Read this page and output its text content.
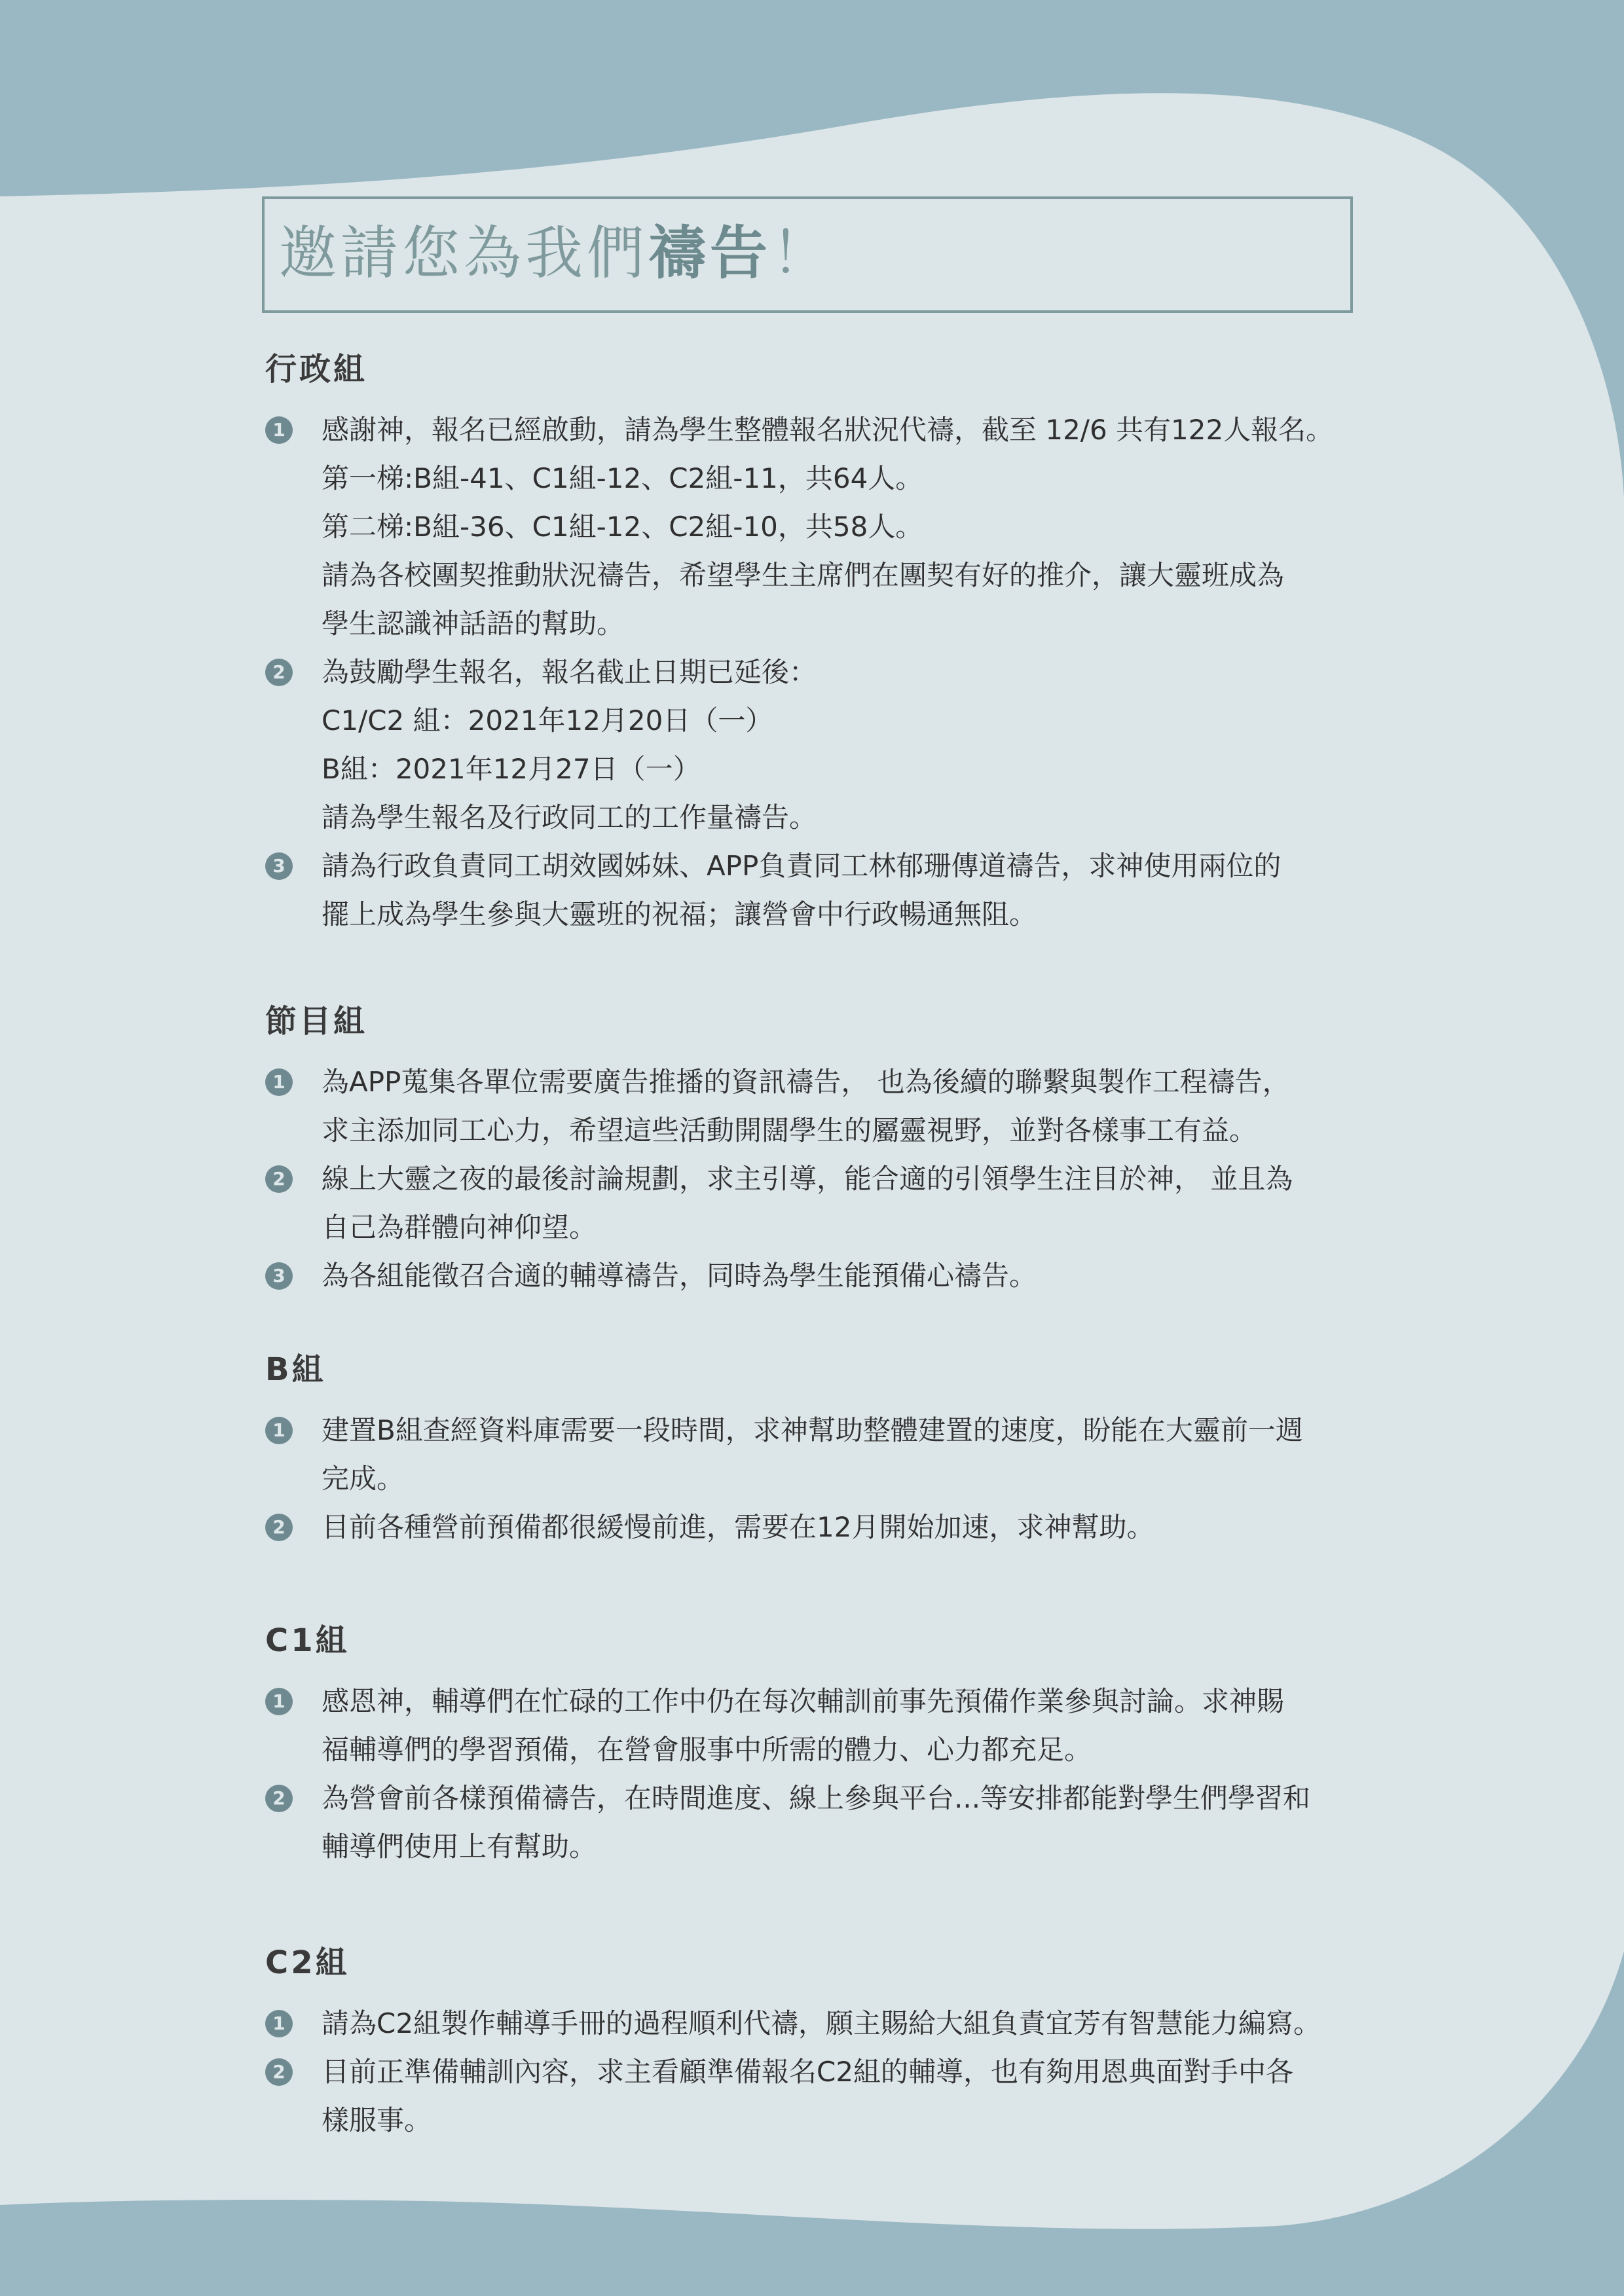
邀請您為我們禱告！
行政組
1 感謝神，報名已經啟動，請為學生整體報名狀況代禱，截至 12/6 共有122人報名。
第一梯:B組-41、C1組-12、C2組-11，共64人。
第二梯:B組-36、C1組-12、C2組-10，共58人。
請為各校團契推動狀況禱告，希望學生主席們在團契有好的推介，讓大靈班成為
學生認識神話語的幫助。
2 為鼓勵學生報名，報名截止日期已延後：
C1/C2 組：2021年12月20日（一）
B組：2021年12月27日（一）
請為學生報名及行政同工的工作量禱告。
3 請為行政負責同工胡效國姊妹、APP負責同工林郁珊傳道禱告，求神使用兩位的
擺上成為學生參與大靈班的祝福；讓營會中行政暢通無阻。
節目組
1 為APP蒐集各單位需要廣告推播的資訊禱告， 也為後續的聯繫與製作工程禱告，
求主添加同工心力，希望這些活動開闊學生的屬靈視野，並對各樣事工有益。
2 線上大靈之夜的最後討論規劃，求主引導，能合適的引領學生注目於神， 並且為
自己為群體向神仰望。
3 為各組能徵召合適的輔導禱告，同時為學生能預備心禱告。
B組
1 建置B組查經資料庫需要一段時間，求神幫助整體建置的速度，盼能在大靈前一週
完成。
2 目前各種營前預備都很緩慢前進，需要在12月開始加速，求神幫助。
C1組
1 感恩神，輔導們在忙碌的工作中仍在每次輔訓前事先預備作業參與討論。求神賜
福輔導們的學習預備，在營會服事中所需的體力、心力都充足。
2 為營會前各樣預備禱告，在時間進度、線上參與平台...等安排都能對學生們學習和
輔導們使用上有幫助。
C2組
1 請為C2組製作輔導手冊的過程順利代禱，願主賜給大組負責宜芳有智慧能力編寫。
2 目前正準備輔訓內容，求主看顧準備報名C2組的輔導，也有夠用恩典面對手中各
樣服事。
